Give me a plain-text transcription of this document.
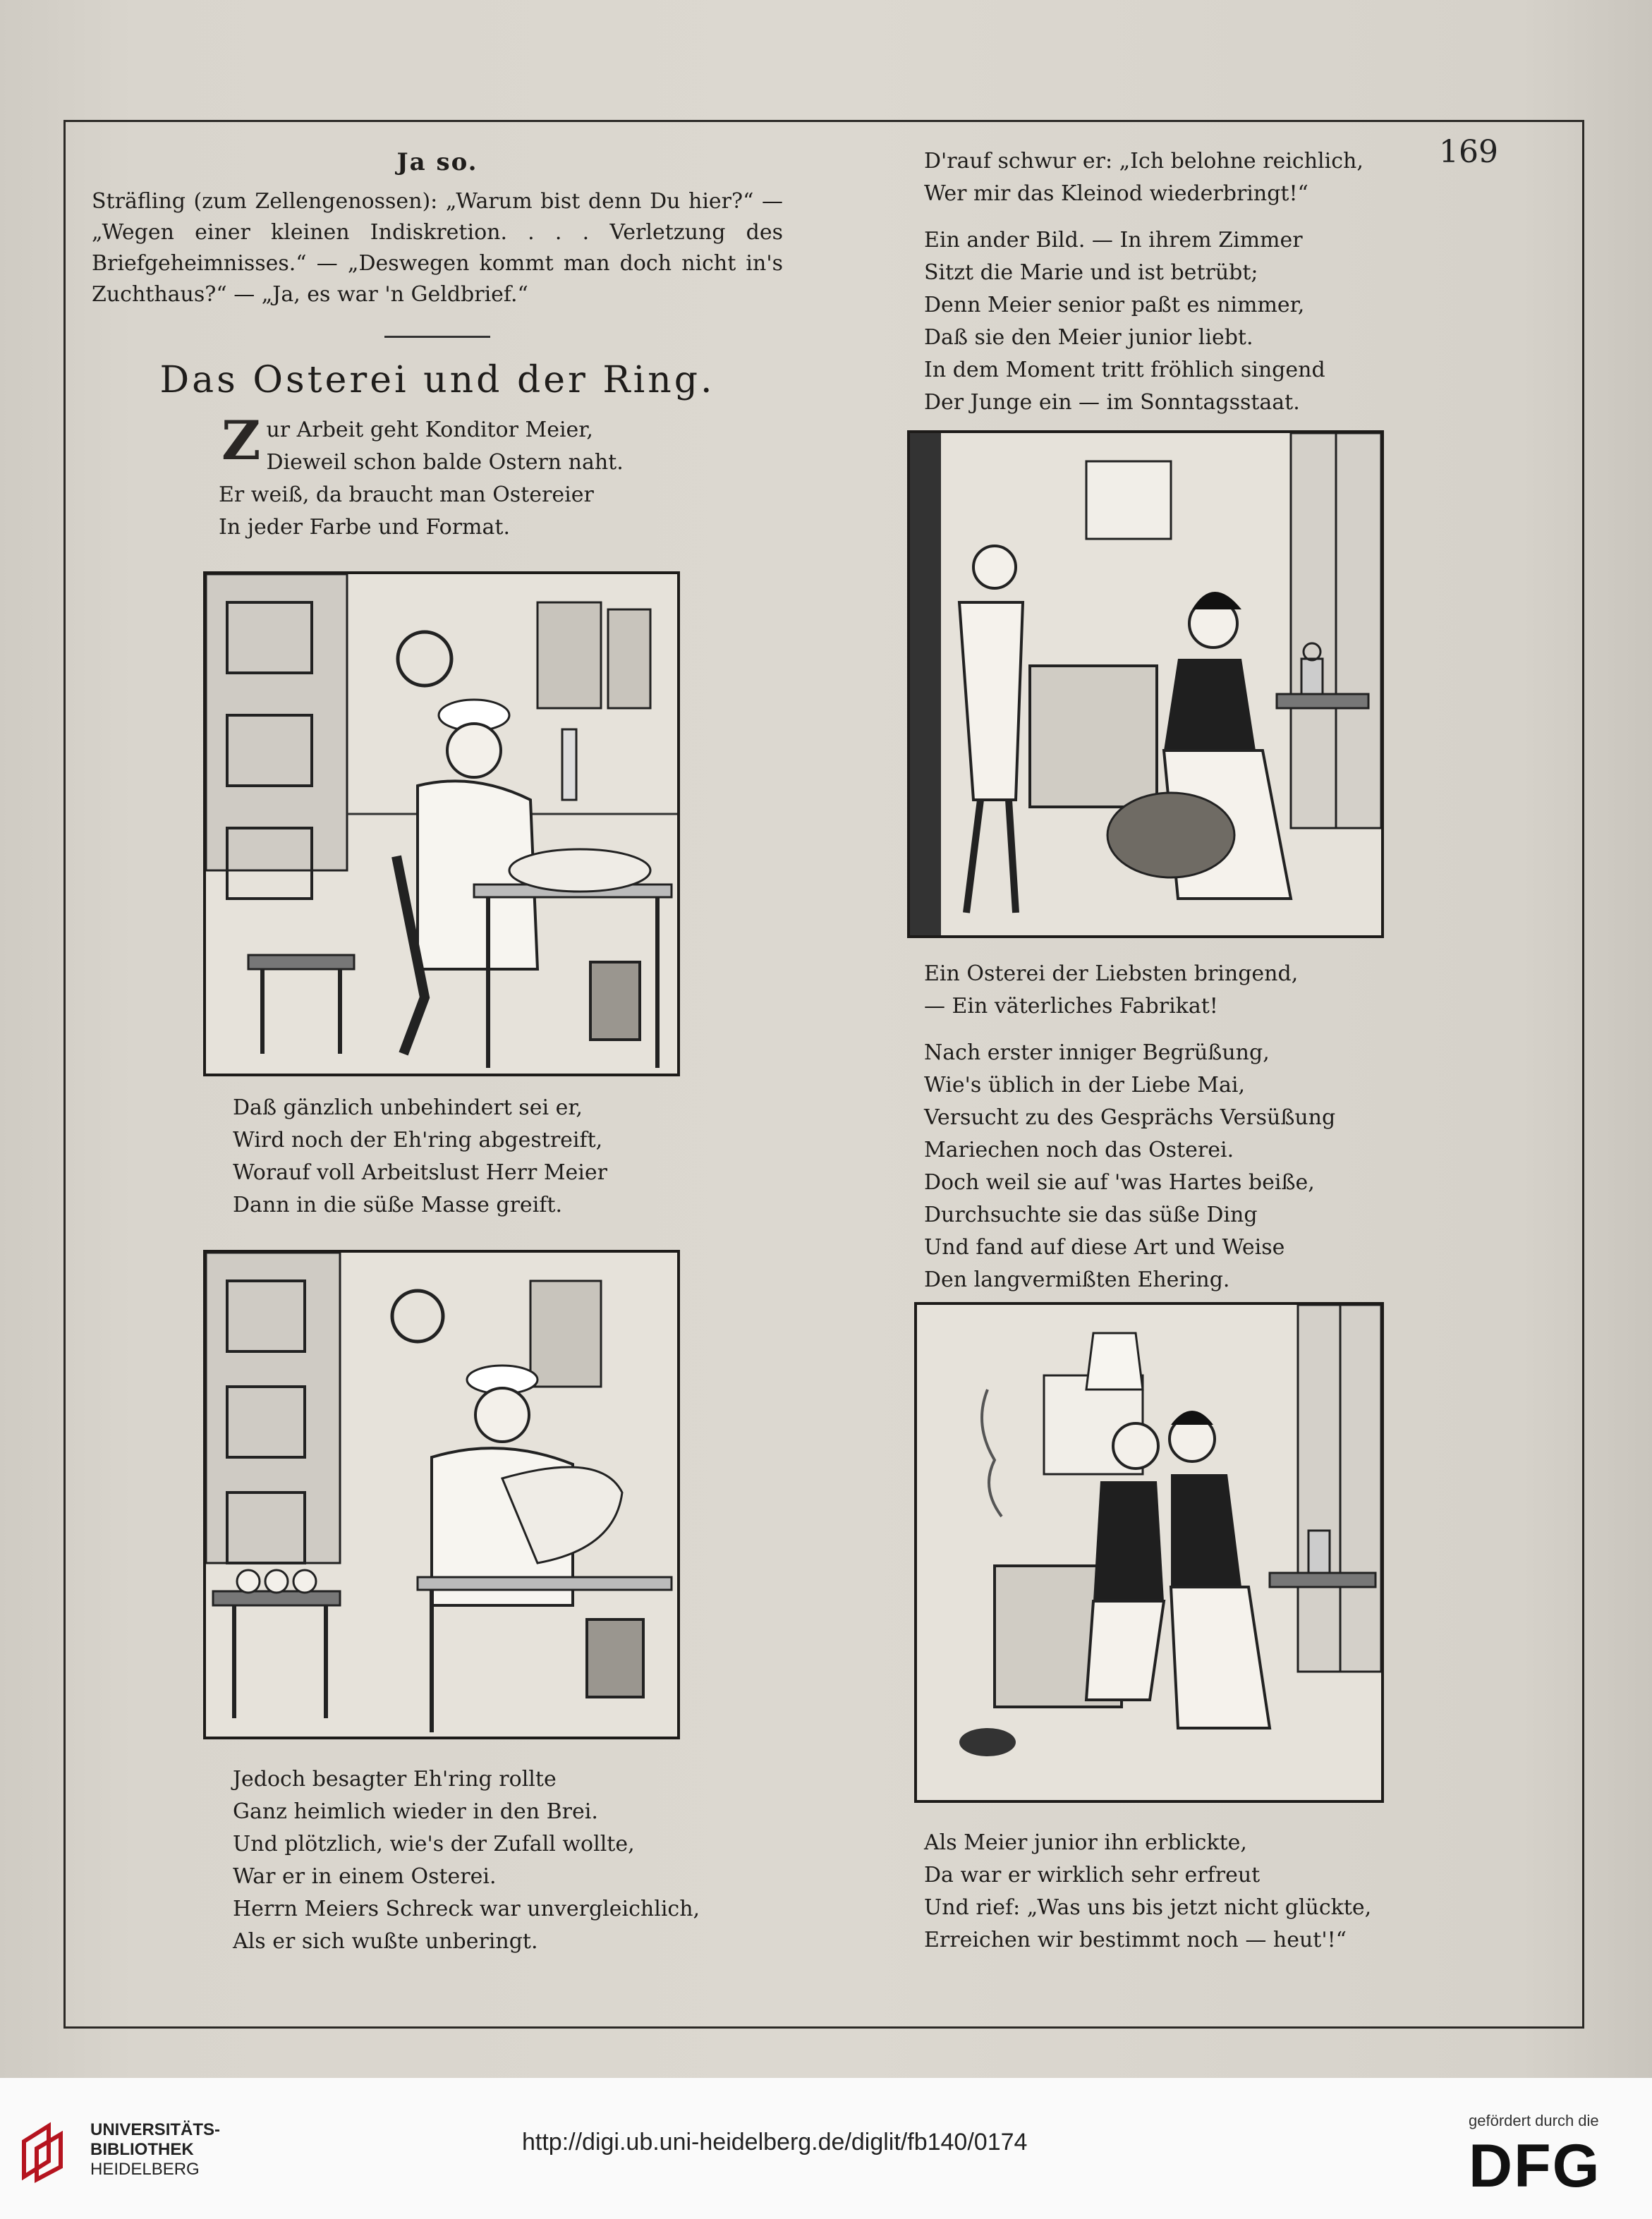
169
Ja so.
Sträfling (zum Zellengenossen): „Warum bist denn Du hier?“ — „Wegen einer kleinen Indiskretion. . . . Verletzung des Briefgeheimnisses.“ — „Deswegen kommt man doch nicht in's Zuchthaus?“ — „Ja, es war 'n Geldbrief.“
Das Osterei und der Ring.
Z ur Arbeit geht Konditor Meier,
Dieweil schon balde Ostern naht.
Er weiß, da braucht man Ostereier
In jeder Farbe und Format.
Daß gänzlich unbehindert sei er,
Wird noch der Eh'ring abgestreift,
Worauf voll Arbeitslust Herr Meier
Dann in die süße Masse greift.
Jedoch besagter Eh'ring rollte
Ganz heimlich wieder in den Brei.
Und plötzlich, wie's der Zufall wollte,
War er in einem Osterei.
Herrn Meiers Schreck war unvergleichlich,
Als er sich wußte unberingt.
D'rauf schwur er: „Ich belohne reichlich,
Wer mir das Kleinod wiederbringt!“
Ein ander Bild. — In ihrem Zimmer
Sitzt die Marie und ist betrübt;
Denn Meier senior paßt es nimmer,
Daß sie den Meier junior liebt.
In dem Moment tritt fröhlich singend
Der Junge ein — im Sonntagsstaat.
Ein Osterei der Liebsten bringend,
— Ein väterliches Fabrikat!
Nach erster inniger Begrüßung,
Wie's üblich in der Liebe Mai,
Versucht zu des Gesprächs Versüßung
Mariechen noch das Osterei.
Doch weil sie auf 'was Hartes beiße,
Durchsuchte sie das süße Ding
Und fand auf diese Art und Weise
Den langvermißten Ehering.
Als Meier junior ihn erblickte,
Da war er wirklich sehr erfreut
Und rief: „Was uns bis jetzt nicht glückte,
Erreichen wir bestimmt noch — heut'!“
UNIVERSITÄTS-
BIBLIOTHEK
HEIDELBERG
http://digi.ub.uni-heidelberg.de/diglit/fb140/0174
gefördert durch die
DFG
